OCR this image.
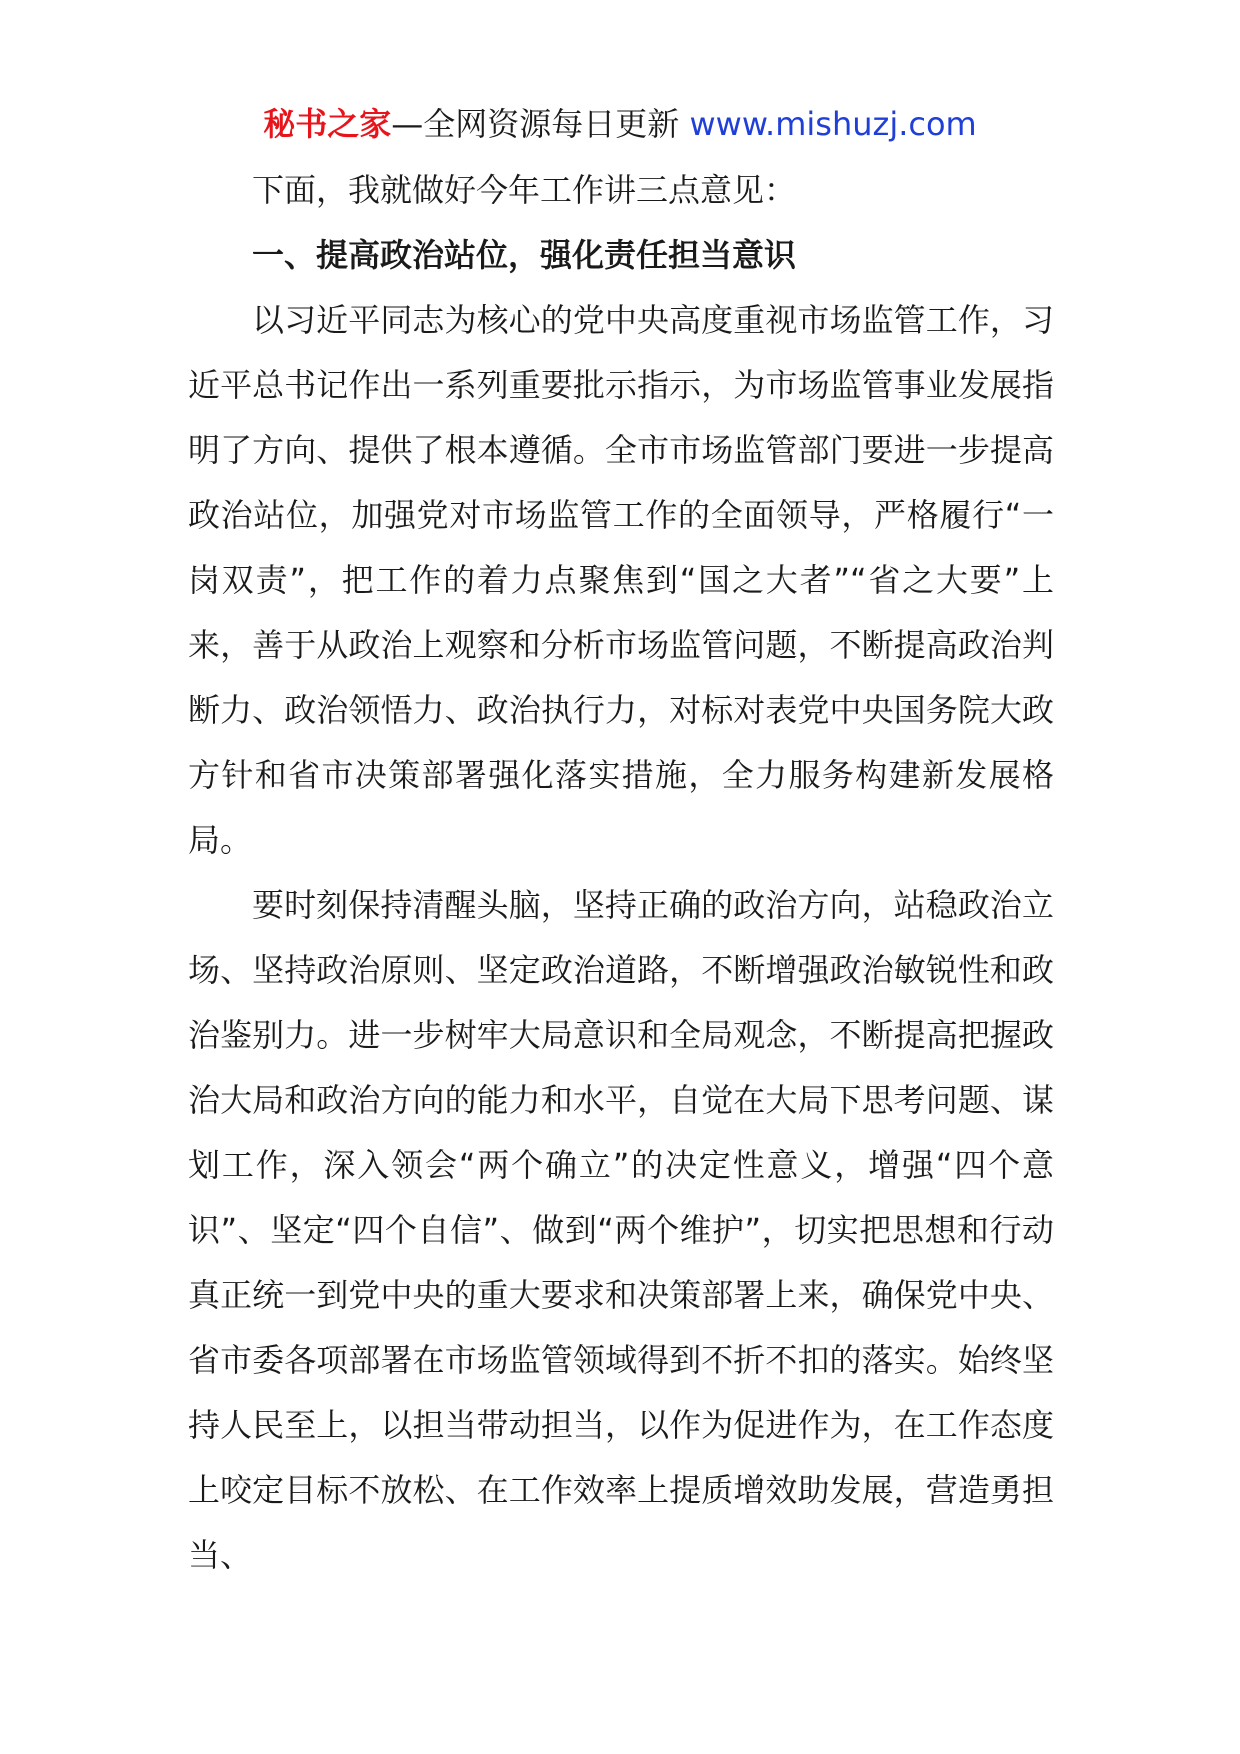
秘书之家—全网资源每日更新 www.mishuzj.com

下面，我就做好今年工作讲三点意见：

一、提高政治站位，强化责任担当意识

以习近平同志为核心的党中央高度重视市场监管工作，习近平总书记作出一系列重要批示指示，为市场监管事业发展指明了方向、提供了根本遵循。全市市场监管部门要进一步提高政治站位，加强党对市场监管工作的全面领导，严格履行“一岗双责”，把工作的着力点聚焦到“国之大者”“省之大要”上来，善于从政治上观察和分析市场监管问题，不断提高政治判断力、政治领悟力、政治执行力，对标对表党中央国务院大政方针和省市决策部署强化落实措施，全力服务构建新发展格局。

要时刻保持清醒头脑，坚持正确的政治方向，站稳政治立场、坚持政治原则、坚定政治道路，不断增强政治敏锐性和政治鉴别力。进一步树牢大局意识和全局观念，不断提高把握政治大局和政治方向的能力和水平，自觉在大局下思考问题、谋划工作，深入领会“两个确立”的决定性意义，增强“四个意识”、坚定“四个自信”、做到“两个维护”，切实把思想和行动真正统一到党中央的重大要求和决策部署上来，确保党中央、省市委各项部署在市场监管领域得到不折不扣的落实。始终坚持人民至上，以担当带动担当，以作为促进作为，在工作态度上咬定目标不放松、在工作效率上提质增效助发展，营造勇担当、
